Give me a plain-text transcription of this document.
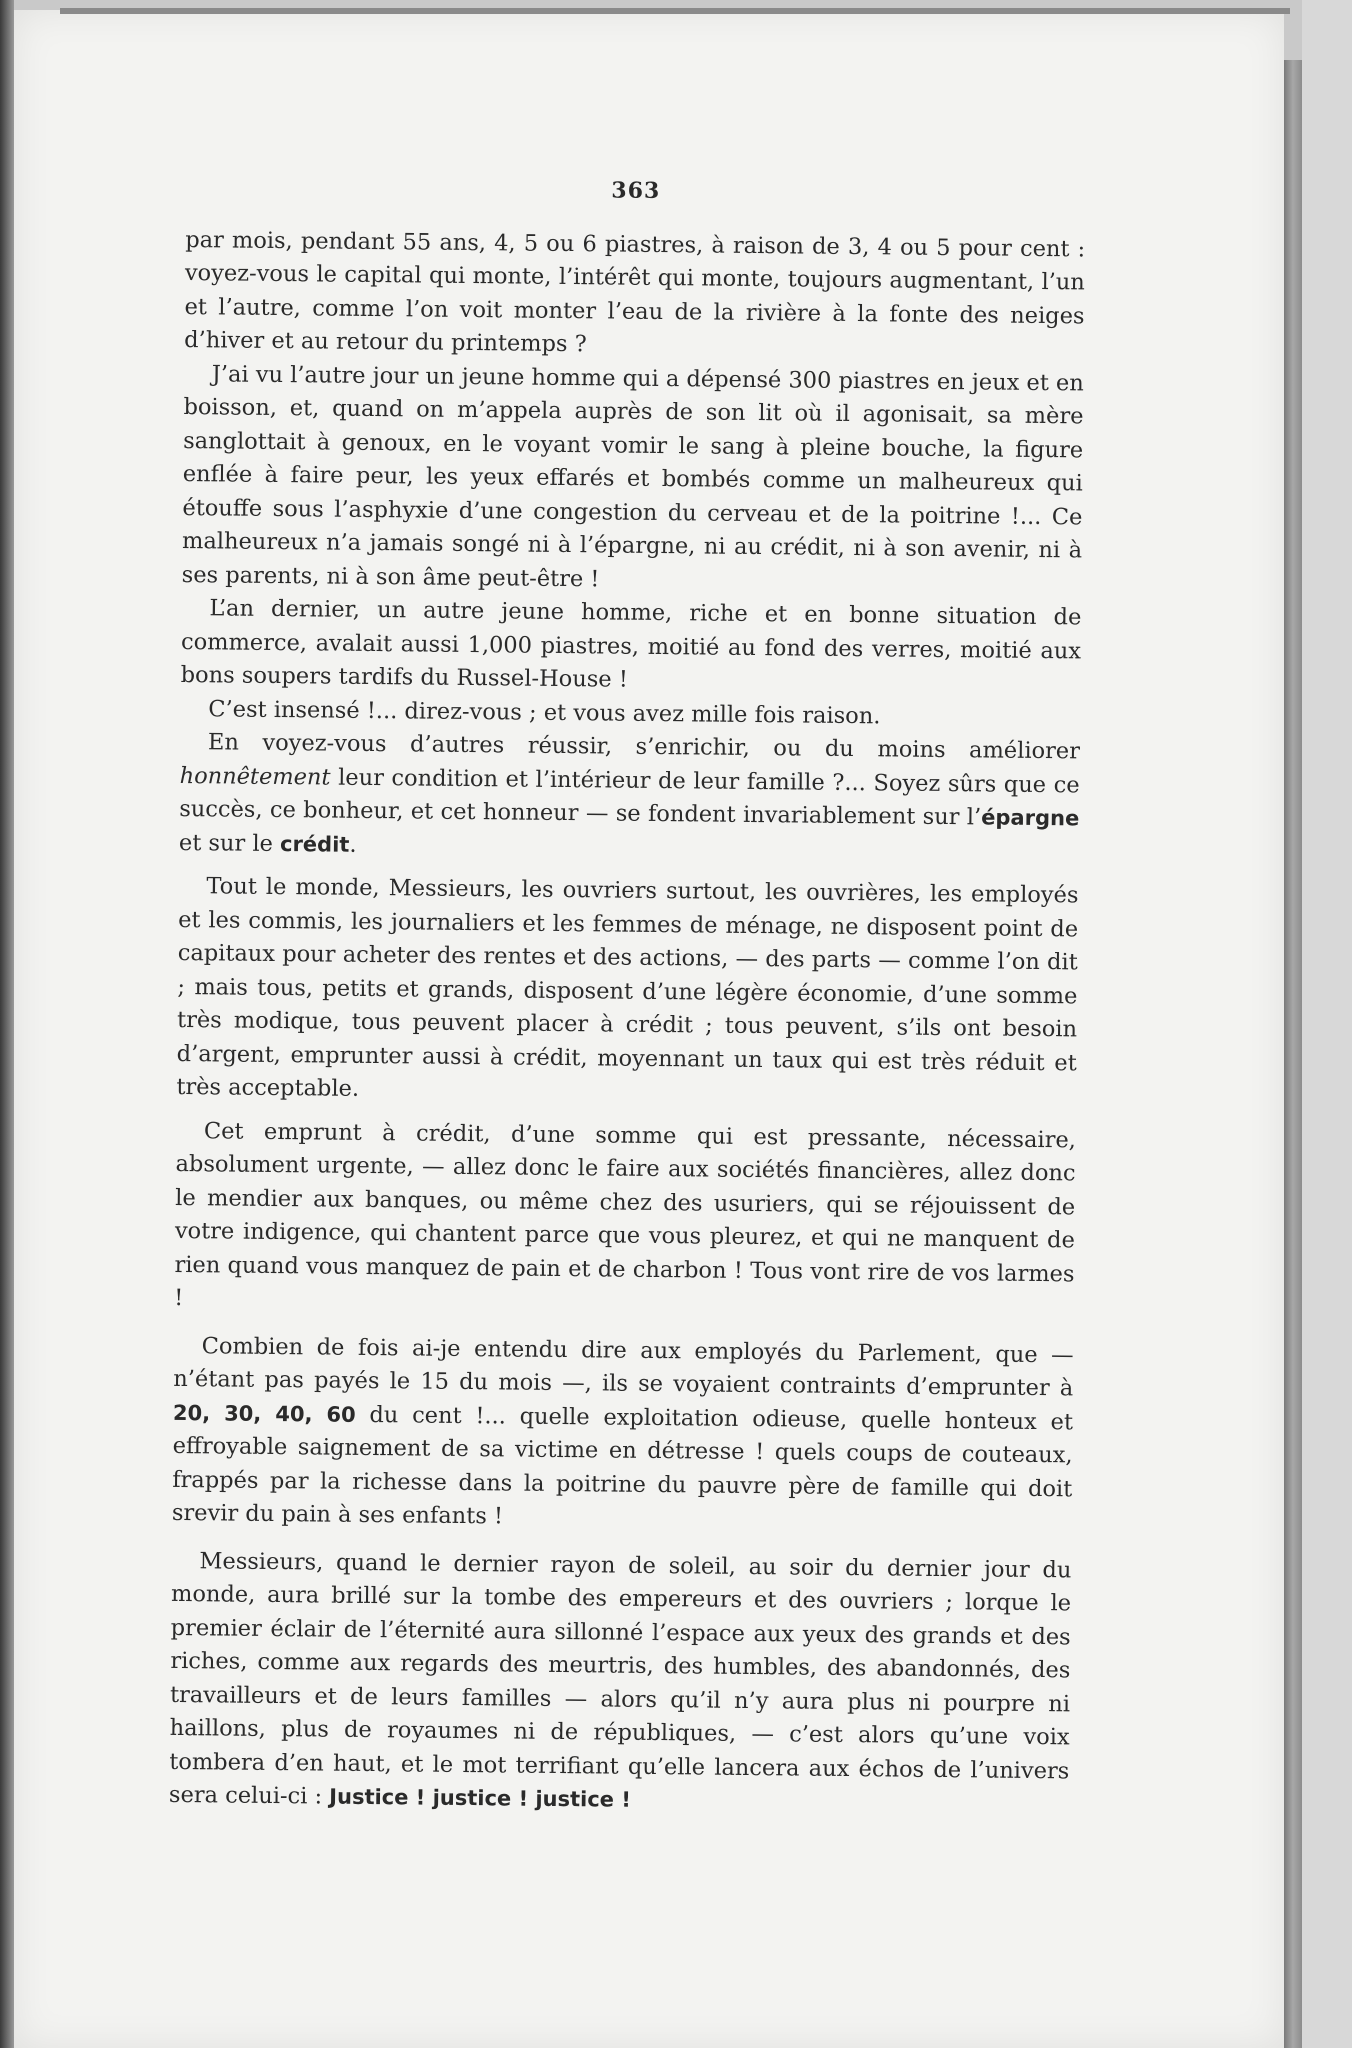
363

par mois, pendant 55 ans, 4, 5 ou 6 piastres, à raison de 3, 4 ou 5 pour cent : voyez-vous le capital qui monte, l’intérêt qui monte, toujours augmentant, l’un et l’autre, comme l’on voit monter l’eau de la rivière à la fonte des neiges d’hiver et au retour du printemps ?

J’ai vu l’autre jour un jeune homme qui a dépensé 300 piastres en jeux et en boisson, et, quand on m’appela auprès de son lit où il agonisait, sa mère sanglottait à genoux, en le voyant vomir le sang à pleine bouche, la figure enflée à faire peur, les yeux effarés et bombés comme un malheureux qui étouffe sous l’asphyxie d’une congestion du cerveau et de la poitrine !... Ce malheureux n’a jamais songé ni à l’épargne, ni au crédit, ni à son avenir, ni à ses parents, ni à son âme peut-être !

L’an dernier, un autre jeune homme, riche et en bonne situation de commerce, avalait aussi 1,000 piastres, moitié au fond des verres, moitié aux bons soupers tardifs du Russel-House !

C’est insensé !... direz-vous ; et vous avez mille fois raison.

En voyez-vous d’autres réussir, s’enrichir, ou du moins améliorer honnêtement leur condition et l’intérieur de leur famille ?... Soyez sûrs que ce succès, ce bonheur, et cet honneur — se fondent invariablement sur l’épargne et sur le crédit.

Tout le monde, Messieurs, les ouvriers surtout, les ouvrières, les employés et les commis, les journaliers et les femmes de ménage, ne disposent point de capitaux pour acheter des rentes et des actions, — des parts — comme l’on dit ; mais tous, petits et grands, disposent d’une légère économie, d’une somme très modique, tous peuvent placer à crédit ; tous peuvent, s’ils ont besoin d’argent, emprunter aussi à crédit, moyennant un taux qui est très réduit et très acceptable.

Cet emprunt à crédit, d’une somme qui est pressante, nécessaire, absolument urgente, — allez donc le faire aux sociétés financières, allez donc le mendier aux banques, ou même chez des usuriers, qui se réjouissent de votre indigence, qui chantent parce que vous pleurez, et qui ne manquent de rien quand vous manquez de pain et de charbon ! Tous vont rire de vos larmes !

Combien de fois ai-je entendu dire aux employés du Parlement, que — n’étant pas payés le 15 du mois —, ils se voyaient contraints d’emprunter à 20, 30, 40, 60 du cent !... quelle exploitation odieuse, quelle honteux et effroyable saignement de sa victime en détresse ! quels coups de couteaux, frappés par la richesse dans la poitrine du pauvre père de famille qui doit srevir du pain à ses enfants !

Messieurs, quand le dernier rayon de soleil, au soir du dernier jour du monde, aura brillé sur la tombe des empereurs et des ouvriers ; lorque le premier éclair de l’éternité aura sillonné l’espace aux yeux des grands et des riches, comme aux regards des meurtris, des humbles, des abandonnés, des travailleurs et de leurs familles — alors qu’il n’y aura plus ni pourpre ni haillons, plus de royaumes ni de républiques, — c’est alors qu’une voix tombera d’en haut, et le mot terrifiant qu’elle lancera aux échos de l’univers sera celui-ci : Justice ! justice ! justice !
